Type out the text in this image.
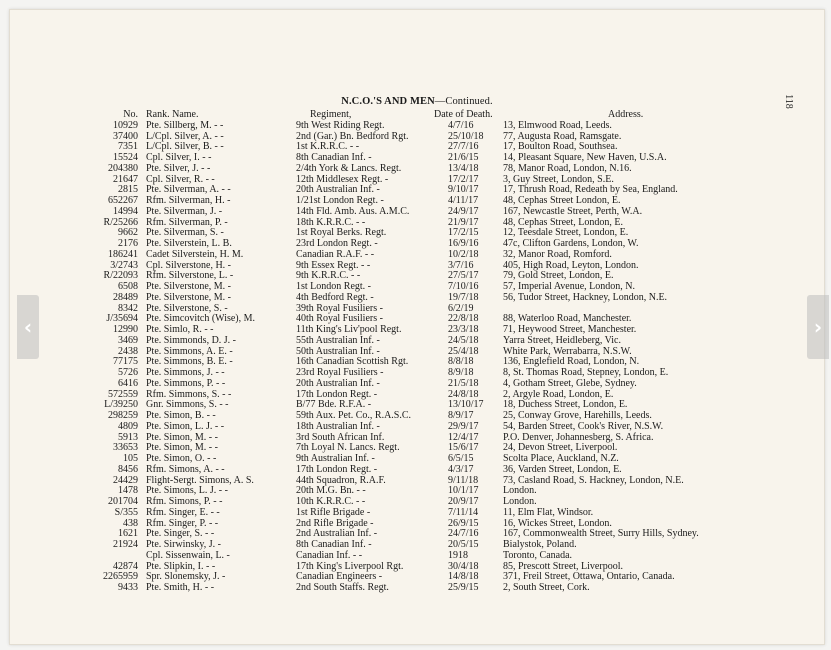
N.C.O.'S AND MEN—Continued.	118
No. Rank. Name.	Regiment,	Date of Death.	Address.
10929 Pte. Sillberg, M. - -	9th West Riding Regt.	4/7/16	13, Elmwood Road, Leeds.
37400 L/Cpl. Silver, A. - -	2nd (Gar.) Bn. Bedford Rgt.	25/10/18 77, Augusta Road, Ramsgate.
7351 L/Cpl. Silver, B. - -	1st K.R.R.C. - -	27/7/16 17, Boulton Road, Southsea.
15524 Cpl. Silver, I. - -	8th Canadian Inf. -	21/6/15 14, Pleasant Square, New Haven, U.S.A.
204380 Pte. Silver, J. - -	2/4th York & Lancs. Regt.	13/4/18 78, Manor Road, London, N.16.
21647 Cpl. Silver, R. - -	12th Middlesex Regt. -	17/2/17 3, Guy Street, London, S.E.
2815 Pte. Silverman, A. - -	20th Australian Inf. -	9/10/17 17, Thrush Road, Redeath by Sea, England.
652267 Rfm. Silverman, H. -	1/21st London Regt. -	4/11/17 48, Cephas Street London, E.
14994 Pte. Silverman, J. -	14th Fld. Amb. Aus. A.M.C.	24/9/17 167, Newcastle Street, Perth, W.A.
R/25266 Rfm. Silverman, P. -	18th K.R.R.C. - -	21/9/17 48, Cephas Street, London, E.
9662 Pte. Silverman, S. -	1st Royal Berks. Regt.	17/2/15 12, Teesdale Street, London, E.
2176 Pte. Silverstein, L. B.	23rd London Regt. -	16/9/16 47c, Clifton Gardens, London, W.
186241 Cadet Silverstein, H. M.	Canadian R.A.F. - -	10/2/18 32, Manor Road, Romford.
3/2743 Cpl. Silverstone, H. -	9th Essex Regt. - -	3/7/16	405, High Road, Leyton, London.
R/22093 Rfm. Silverstone, L. -	9th K.R.R.C. - -	27/5/17 79, Gold Street, London, E.
6508 Pte. Silverstone, M. -	1st London Regt. -	7/10/16 57, Imperial Avenue, London, N.
28489 Pte. Silverstone, M. -	4th Bedford Regt. -	19/7/18 56, Tudor Street, Hackney, London, N.E.
8342 Pte. Silverstone, S. -	39th Royal Fusiliers -	6/2/19
J/35694 Pte. Simcovitch (Wise), M.	40th Royal Fusiliers -	22/8/18 88, Waterloo Road, Manchester.
12990 Pte. Simlo, R. - -	11th King's Liv'pool Regt.	23/3/18 71, Heywood Street, Manchester.
3469 Pte. Simmonds, D. J. -	55th Australian Inf. -	24/5/18 Yarra Street, Heidleberg, Vic.
2438 Pte. Simmons, A. E. -	50th Australian Inf. -	25/4/18 White Park, Werrabarra, N.S.W.
77175 Pte. Simmons, B. E. -	16th Canadian Scottish Rgt.	8/8/18	136, Englefield Road, London, N.
5726 Pte. Simmons, J. - -	23rd Royal Fusiliers -	8/9/18	8, St. Thomas Road, Stepney, London, E.
6416 Pte. Simmons, P. - -	20th Australian Inf. -	21/5/18 4, Gotham Street, Glebe, Sydney.
572559 Rfm. Simmons, S. - -	17th London Regt. -	24/8/18 2, Argyle Road, London, E.
L/39250 Gnr. Simmons, S. - -	B/77 Bde. R.F.A. -	13/10/17 18, Duchess Street, London, E.
298259 Pte. Simon, B. - -	59th Aux. Pet. Co., R.A.S.C.	8/9/17	25, Conway Grove, Harehills, Leeds.
4809 Pte. Simon, L. J. - -	18th Australian Inf. -	29/9/17 54, Barden Street, Cook's River, N.S.W.
5913 Pte. Simon, M. - -	3rd South African Inf.	12/4/17 P.O. Denver, Johannesberg, S. Africa.
33653 Pte. Simon, M. - -	7th Loyal N. Lancs. Regt.	15/6/17 24, Devon Street, Liverpool.
105 Pte. Simon, O. - -	9th Australian Inf. -	6/5/15	Scolta Place, Auckland, N.Z.
8456 Rfm. Simons, A. - -	17th London Regt. -	4/3/17	36, Varden Street, London, E.
24429 Flight-Sergt. Simons, A. S.	44th Squadron, R.A.F.	9/11/18 73, Casland Road, S. Hackney, London, N.E.
1478 Pte. Simons, L. J. - -	20th M.G. Bn. - -	10/1/17 London.
201704 Rfm. Simons, P. - -	10th K.R.R.C. - -	20/9/17 London.
S/355 Rfm. Singer, E. - -	1st Rifle Brigade -	7/11/14 11, Elm Flat, Windsor.
438 Rfm. Singer, P. - -	2nd Rifle Brigade -	26/9/15 16, Wickes Street, London.
1621 Pte. Singer, S. - -	2nd Australian Inf. -	24/7/16 167, Commonwealth Street, Surry Hills, Sydney.
21924 Pte. Sirwinsky, J. -	8th Canadian Inf. -	20/5/15 Bialystok, Poland.
Cpl. Sissenwain, L. -	Canadian Inf. - -	1918	Toronto, Canada.
42874 Pte. Slipkin, I. - -	17th King's Liverpool Rgt.	30/4/18 85, Prescott Street, Liverpool.
2265959 Spr. Slonemsky, J. -	Canadian Engineers -	14/8/18 371, Freil Street, Ottawa, Ontario, Canada.
9433 Pte. Smith, H. - -	2nd South Staffs. Regt.	25/9/15 2, South Street, Cork.
‹	›
